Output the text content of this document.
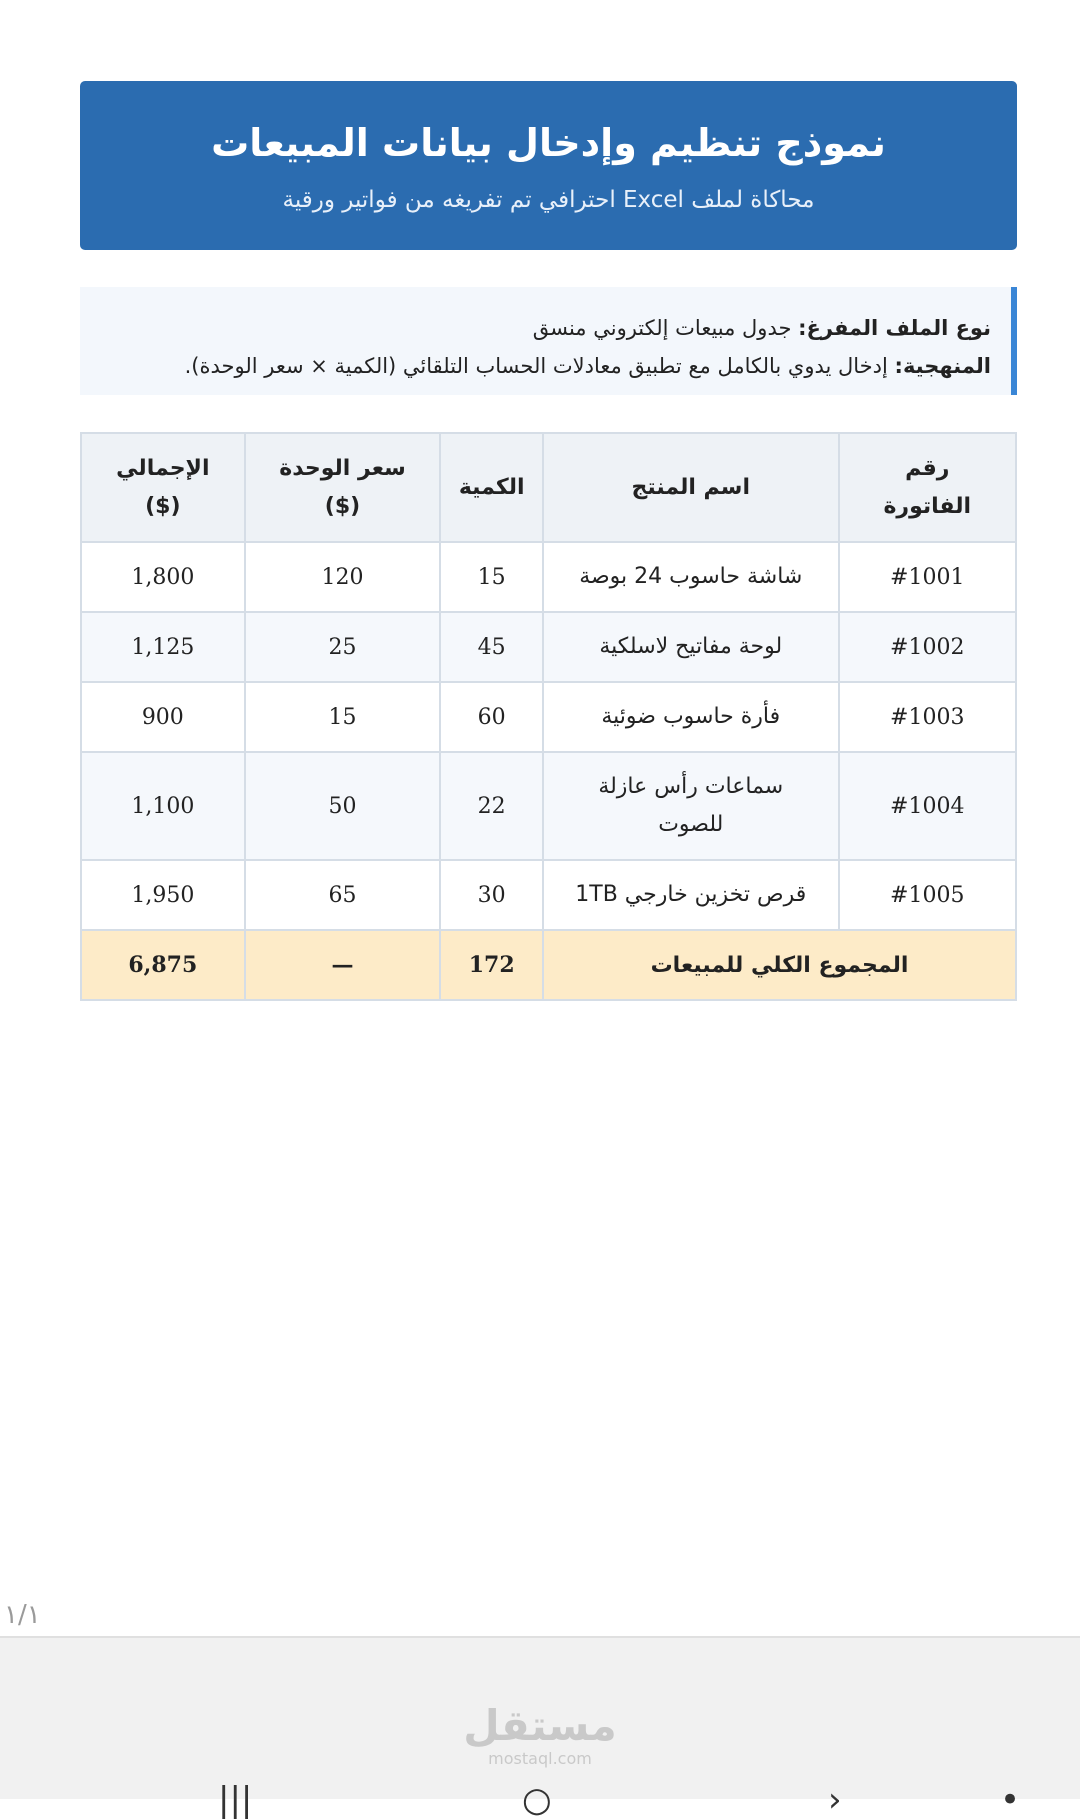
نموذج تنظيم وإدخال بيانات المبيعات
محاكاة لملف Excel احترافي تم تفريغه من فواتير ورقية
نوع الملف المفرغ: جدول مبيعات إلكتروني منسق
المنهجية: إدخال يدوي بالكامل مع تطبيق معادلات الحساب التلقائي (الكمية × سعر الوحدة).
رقم الفاتورة	اسم المنتج	الكمية	سعر الوحدة ($)	الإجمالي ($)

#1001	شاشة حاسوب 24 بوصة	15	120	1,800
#1002	لوحة مفاتيح لاسلكية	45	25	1,125
#1003	فأرة حاسوب ضوئية	60	15	900
#1004	سماعات رأس عازلة للصوت	22	50	1,100
#1005	قرص تخزين خارجي 1TB	30	65	1,950
المجموع الكلي للمبيعات		172	—	6,875
١/١
مستقل
mostaql.com
|||	○	‹	•
